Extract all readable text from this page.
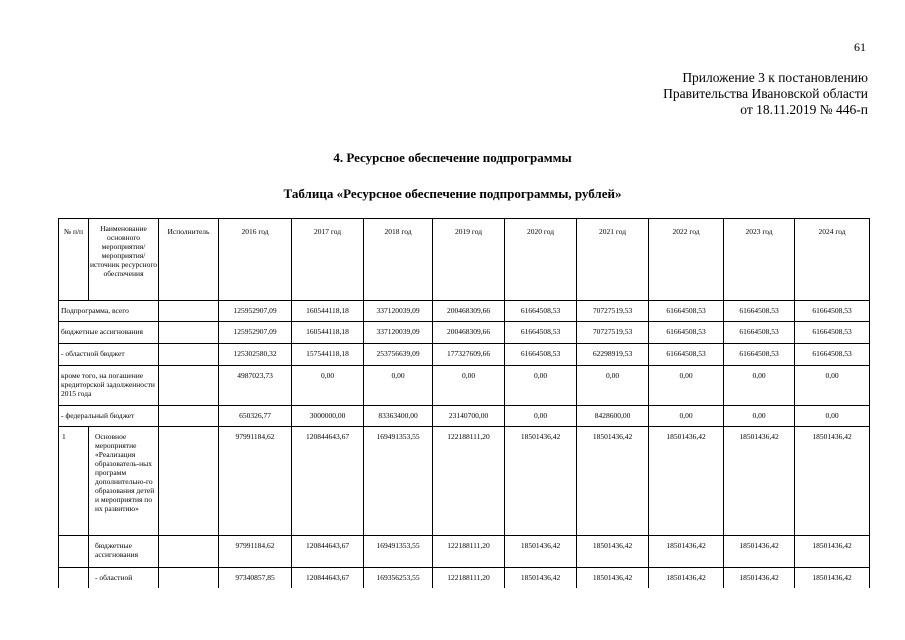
61
Приложение 3 к постановлению
Правительства Ивановской области
от 18.11.2019 № 446-п
4. Ресурсное обеспечение подпрограммы
Таблица «Ресурсное обеспечение подпрограммы, рублей»
№ п/п	Наименование основного мероприятия/ мероприятия/ источник ресурсного обеспечения	Исполнитель	2016 год	2017 год	2018 год	2019 год	2020 год	2021 год	2022 год	2023 год	2024 год
Подпрограмма, всего			125952907,09	160544118,18	337120039,09	200468309,66	61664508,53	70727519,53	61664508,53	61664508,53	61664508,53
бюджетные ассигнования			125952907,09	160544118,18	337120039,09	200468309,66	61664508,53	70727519,53	61664508,53	61664508,53	61664508,53
- областной бюджет			125302580,32	157544118,18	253756639,09	177327609,66	61664508,53	62298919,53	61664508,53	61664508,53	61664508,53
кроме того, на погашение кредиторской задолженности 2015 года			4987023,73	0,00	0,00	0,00	0,00	0,00	0,00	0,00	0,00
- федеральный бюджет			650326,77	3000000,00	83363400,00	23140700,00	0,00	8428600,00	0,00	0,00	0,00
1	Основное мероприятие «Реализация образователь-ных программ дополнительно-го образования детей и мероприятия по их развитию»		97991184,62	120844643,67	169491353,55	122188111,20	18501436,42	18501436,42	18501436,42	18501436,42	18501436,42
	бюджетные ассигнования		97991184,62	120844643,67	169491353,55	122188111,20	18501436,42	18501436,42	18501436,42	18501436,42	18501436,42
	- областной		97340857,85	120844643,67	169356253,55	122188111,20	18501436,42	18501436,42	18501436,42	18501436,42	18501436,42
